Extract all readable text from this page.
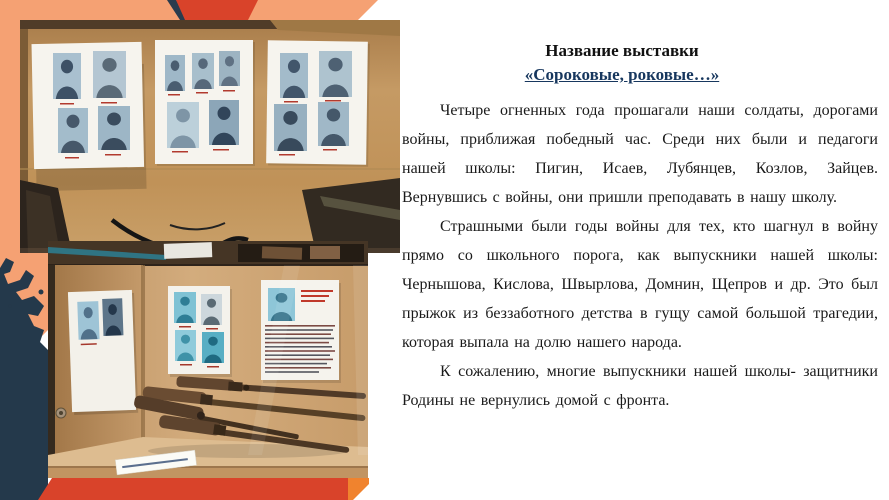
Название выставки
«Сороковые, роковые…»

Четыре огненных года прошагали наши солдаты, дорогами войны, приближая победный час. Среди них были и педагоги нашей школы: Пигин, Исаев, Лубянцев, Козлов, Зайцев. Вернувшись с войны, они пришли преподавать в нашу школу.

Страшными были годы войны для тех, кто шагнул в войну прямо со школьного порога, как выпускники нашей школы: Чернышова, Кислова, Швырлова, Домнин, Щепров и др. Это был прыжок из беззаботного детства в гущу самой большой трагедии, которая выпала на долю нашего народа.

К сожалению, многие выпускники нашей школы- защитники Родины не вернулись домой с фронта.
